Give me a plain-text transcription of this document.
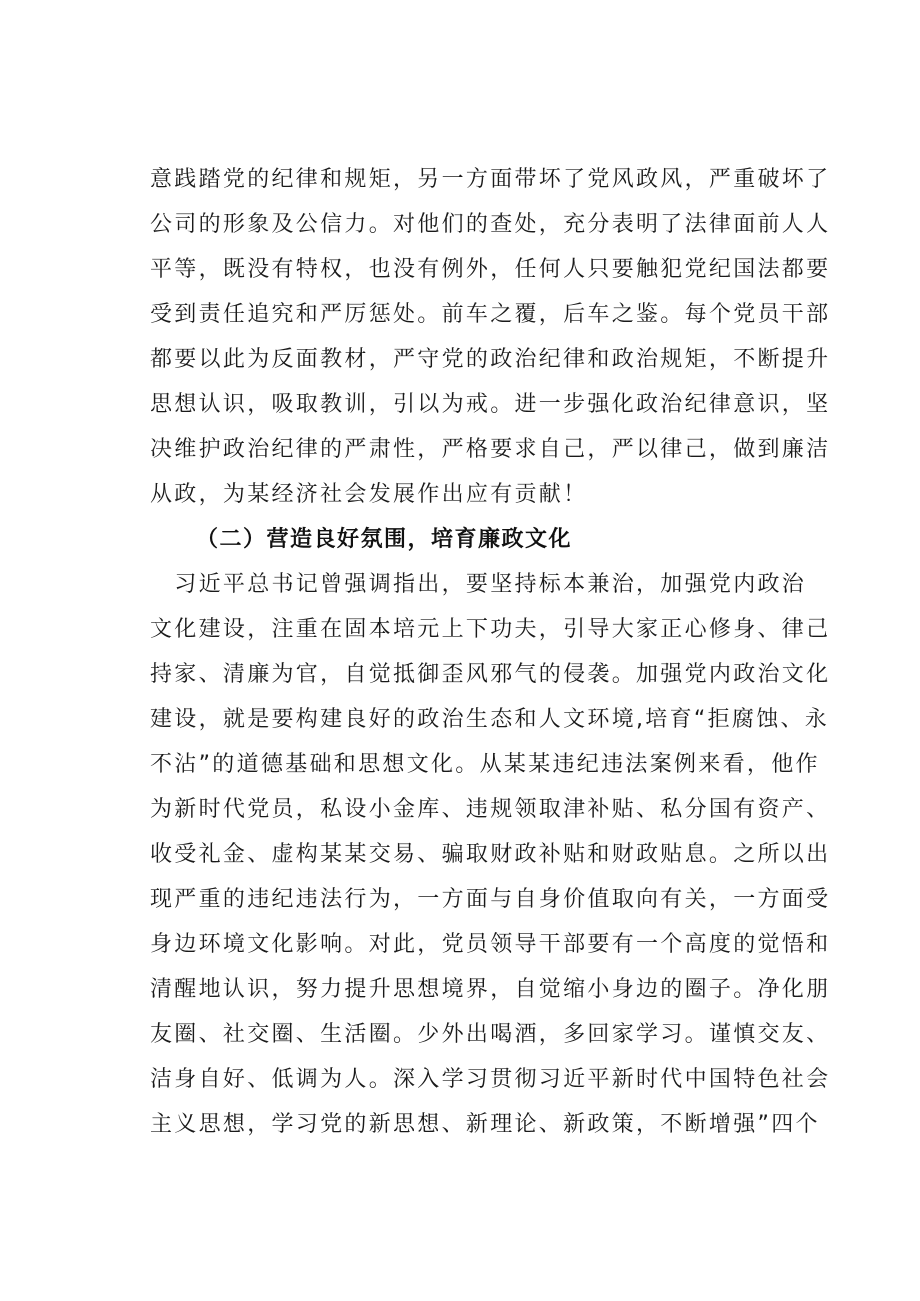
意践踏党的纪律和规矩，另一方面带坏了党风政风，严重破坏了
公司的形象及公信力。对他们的查处，充分表明了法律面前人人
平等，既没有特权，也没有例外，任何人只要触犯党纪国法都要
受到责任追究和严厉惩处。前车之覆，后车之鉴。每个党员干部
都要以此为反面教材，严守党的政治纪律和政治规矩，不断提升
思想认识，吸取教训，引以为戒。进一步强化政治纪律意识，坚
决维护政治纪律的严肃性，严格要求自己，严以律己，做到廉洁
从政，为某经济社会发展作出应有贡献！
（二）营造良好氛围，培育廉政文化
　习近平总书记曾强调指出，要坚持标本兼治，加强党内政治
文化建设，注重在固本培元上下功夫，引导大家正心修身、律己
持家、清廉为官，自觉抵御歪风邪气的侵袭。加强党内政治文化
建设，就是要构建良好的政治生态和人文环境,培育“拒腐蚀、永
不沾”的道德基础和思想文化。从某某违纪违法案例来看，他作
为新时代党员，私设小金库、违规领取津补贴、私分国有资产、
收受礼金、虚构某某交易、骗取财政补贴和财政贴息。之所以出
现严重的违纪违法行为，一方面与自身价值取向有关，一方面受
身边环境文化影响。对此，党员领导干部要有一个高度的觉悟和
清醒地认识，努力提升思想境界，自觉缩小身边的圈子。净化朋
友圈、社交圈、生活圈。少外出喝酒，多回家学习。谨慎交友、
洁身自好、低调为人。深入学习贯彻习近平新时代中国特色社会
主义思想，学习党的新思想、新理论、新政策，不断增强”四个
